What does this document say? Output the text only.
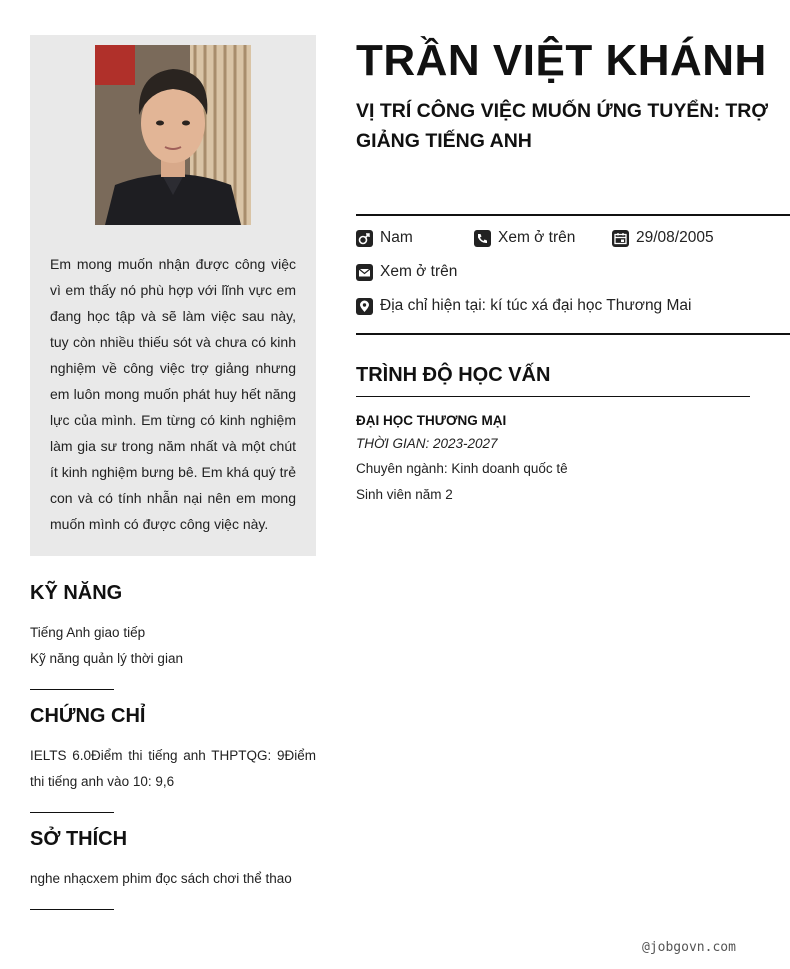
Em mong muốn nhận được công việc vì em thấy nó phù hợp với lĩnh vực em đang học tập và sẽ làm việc sau này, tuy còn nhiều thiếu sót và chưa có kinh nghiệm về công việc trợ giảng nhưng em luôn mong muốn phát huy hết năng lực của mình. Em từng có kinh nghiệm làm gia sư trong năm nhất và một chút ít kinh nghiệm bưng bê. Em khá quý trẻ con và có tính nhẫn nại nên em mong muốn mình có được công việc này.
TRẦN VIỆT KHÁNH
VỊ TRÍ CÔNG VIỆC MUỐN ỨNG TUYỂN: TRỢ GIẢNG TIẾNG ANH
Nam	Xem ở trên	29/08/2005
Xem ở trên
Địa chỉ hiện tại: kí túc xá đại học Thương Mai
TRÌNH ĐỘ HỌC VẤN
ĐẠI HỌC THƯƠNG MẠI
THỜI GIAN: 2023-2027
Chuyên ngành: Kinh doanh quốc tê
Sinh viên năm 2
KỸ NĂNG
Tiếng Anh giao tiếp
Kỹ năng quản lý thời gian
CHỨNG CHỈ
IELTS 6.0Điểm thi tiếng anh THPTQG: 9Điểm
thi tiếng anh vào 10: 9,6
SỞ THÍCH
nghe nhạcxem phim đọc sách chơi thể thao
@jobgovn.com
